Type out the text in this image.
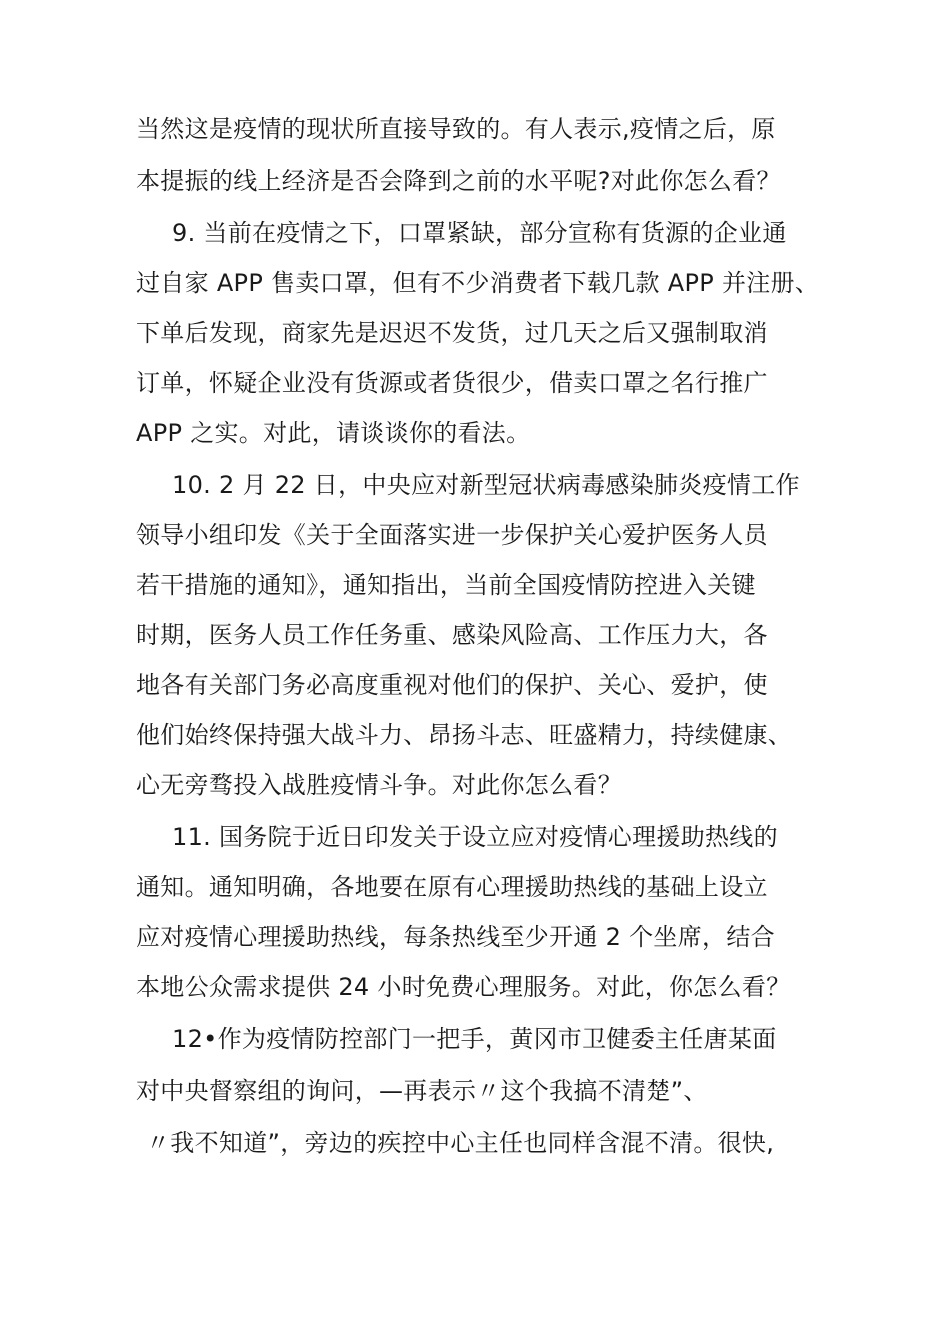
当然这是疫情的现状所直接导致的。有人表示,疫情之后，原
本提振的线上经济是否会降到之前的水平呢?对此你怎么看？
9. 当前在疫情之下，口罩紧缺，部分宣称有货源的企业通
过自家 APP 售卖口罩，但有不少消费者下载几款 APP 并注册、
下单后发现，商家先是迟迟不发货，过几天之后又强制取消
订单，怀疑企业没有货源或者货很少，借卖口罩之名行推广
APP 之实。对此，请谈谈你的看法。
10. 2 月 22 日，中央应对新型冠状病毒感染肺炎疫情工作
领导小组印发《关于全面落实进一步保护关心爱护医务人员
若干措施的通知》，通知指出，当前全国疫情防控进入关键
时期，医务人员工作任务重、感染风险高、工作压力大，各
地各有关部门务必高度重视对他们的保护、关心、爱护，使
他们始终保持强大战斗力、昂扬斗志、旺盛精力，持续健康、
心无旁骛投入战胜疫情斗争。对此你怎么看？
11. 国务院于近日印发关于设立应对疫情心理援助热线的
通知。通知明确，各地要在原有心理援助热线的基础上设立
应对疫情心理援助热线，每条热线至少开通 2 个坐席，结合
本地公众需求提供 24 小时免费心理服务。对此，你怎么看？
12•作为疫情防控部门一把手，黄冈市卫健委主任唐某面
对中央督察组的询问，—再表示〃这个我搞不清楚”、
〃我不知道”，旁边的疾控中心主任也同样含混不清。很快,
